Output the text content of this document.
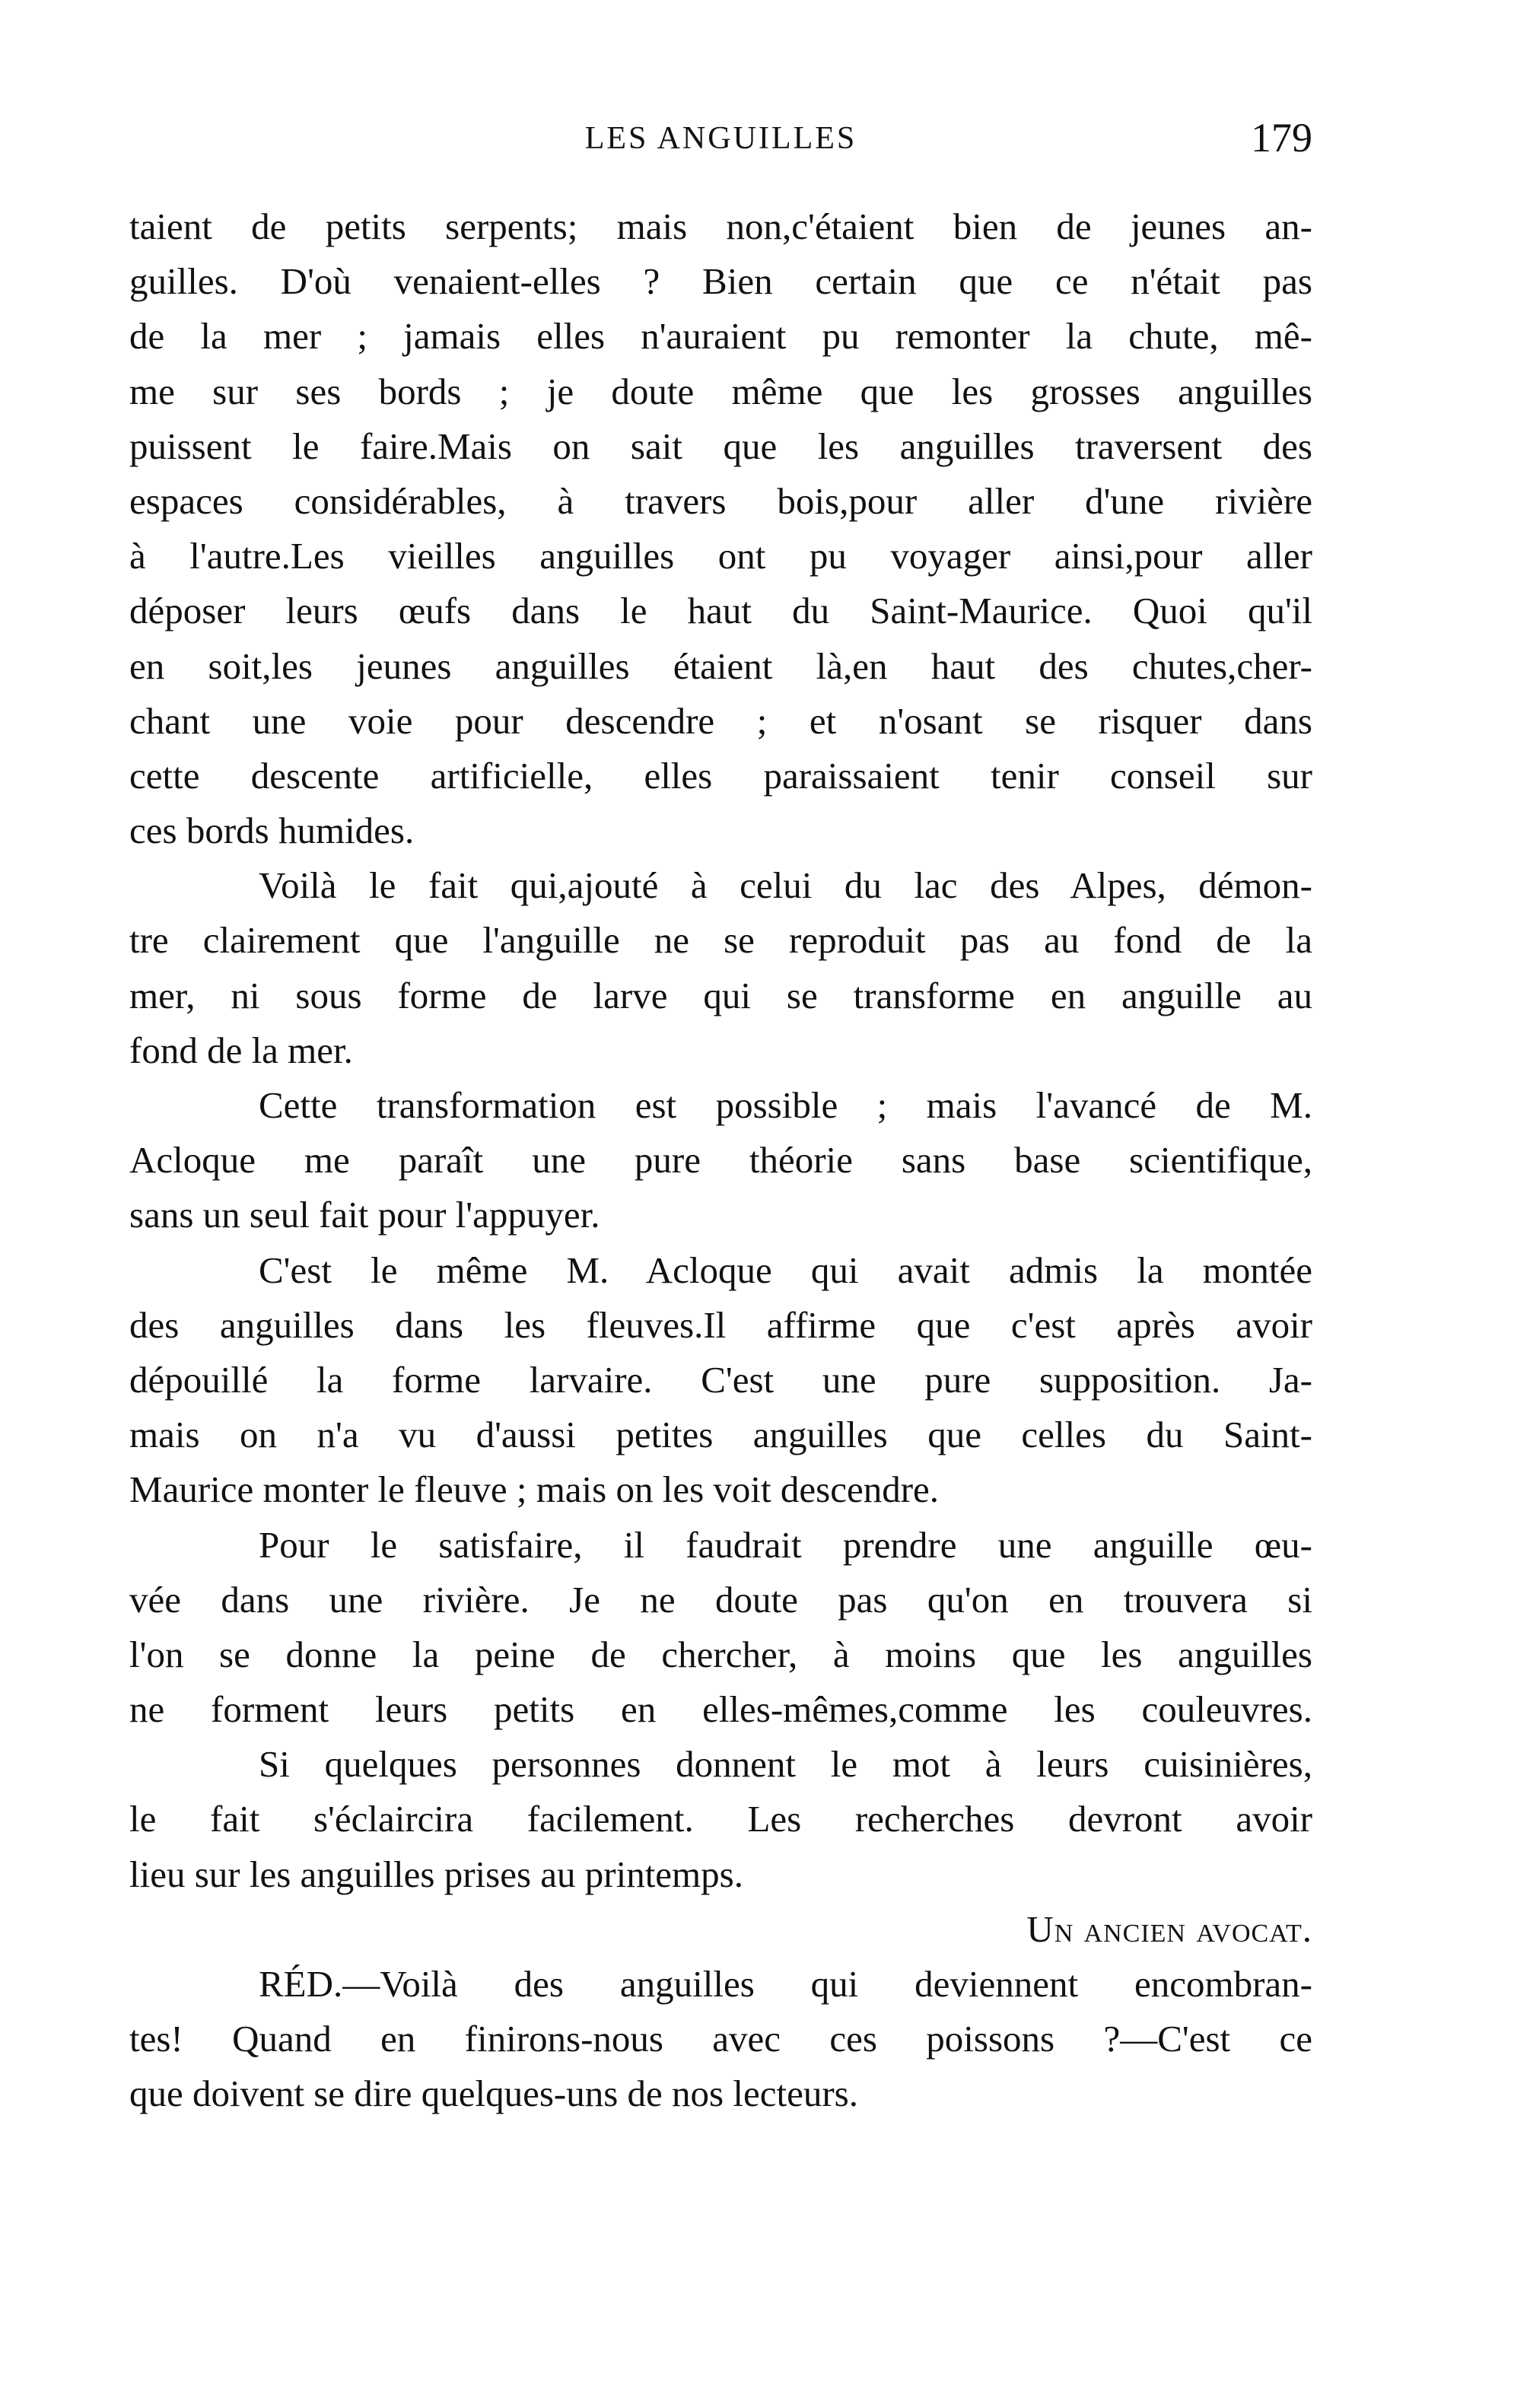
LES ANGUILLES	179
taient de petits serpents; mais non,c'étaient bien de jeunes an-
guilles. D'où venaient-elles ? Bien certain que ce n'était pas
de la mer ; jamais elles n'auraient pu remonter la chute, mê-
me sur ses bords ; je doute même que les grosses anguilles
puissent le faire.Mais on sait que les anguilles traversent des
espaces considérables, à travers bois,pour aller d'une rivière
à l'autre.Les vieilles anguilles ont pu voyager ainsi,pour aller
déposer leurs œufs dans le haut du Saint-Maurice. Quoi qu'il
en soit,les jeunes anguilles étaient là,en haut des chutes,cher-
chant une voie pour descendre ; et n'osant se risquer dans
cette descente artificielle, elles paraissaient tenir conseil sur
ces bords humides.
Voilà le fait qui,ajouté à celui du lac des Alpes, démon-
tre clairement que l'anguille ne se reproduit pas au fond de la
mer, ni sous forme de larve qui se transforme en anguille au
fond de la mer.
Cette transformation est possible ; mais l'avancé de M.
Acloque me paraît une pure théorie sans base scientifique,
sans un seul fait pour l'appuyer.
C'est le même M. Acloque qui avait admis la montée
des anguilles dans les fleuves.Il affirme que c'est après avoir
dépouillé la forme larvaire. C'est une pure supposition. Ja-
mais on n'a vu d'aussi petites anguilles que celles du Saint-
Maurice monter le fleuve ; mais on les voit descendre.
Pour le satisfaire, il faudrait prendre une anguille œu-
vée dans une rivière. Je ne doute pas qu'on en trouvera si
l'on se donne la peine de chercher, à moins que les anguilles
ne forment leurs petits en elles-mêmes,comme les couleuvres.
Si quelques personnes donnent le mot à leurs cuisinières,
le fait s'éclaircira facilement. Les recherches devront avoir
lieu sur les anguilles prises au printemps.
Un ancien avocat.
RÉD.—Voilà des anguilles qui deviennent encombran-
tes! Quand en finirons-nous avec ces poissons ?—C'est ce
que doivent se dire quelques-uns de nos lecteurs.
